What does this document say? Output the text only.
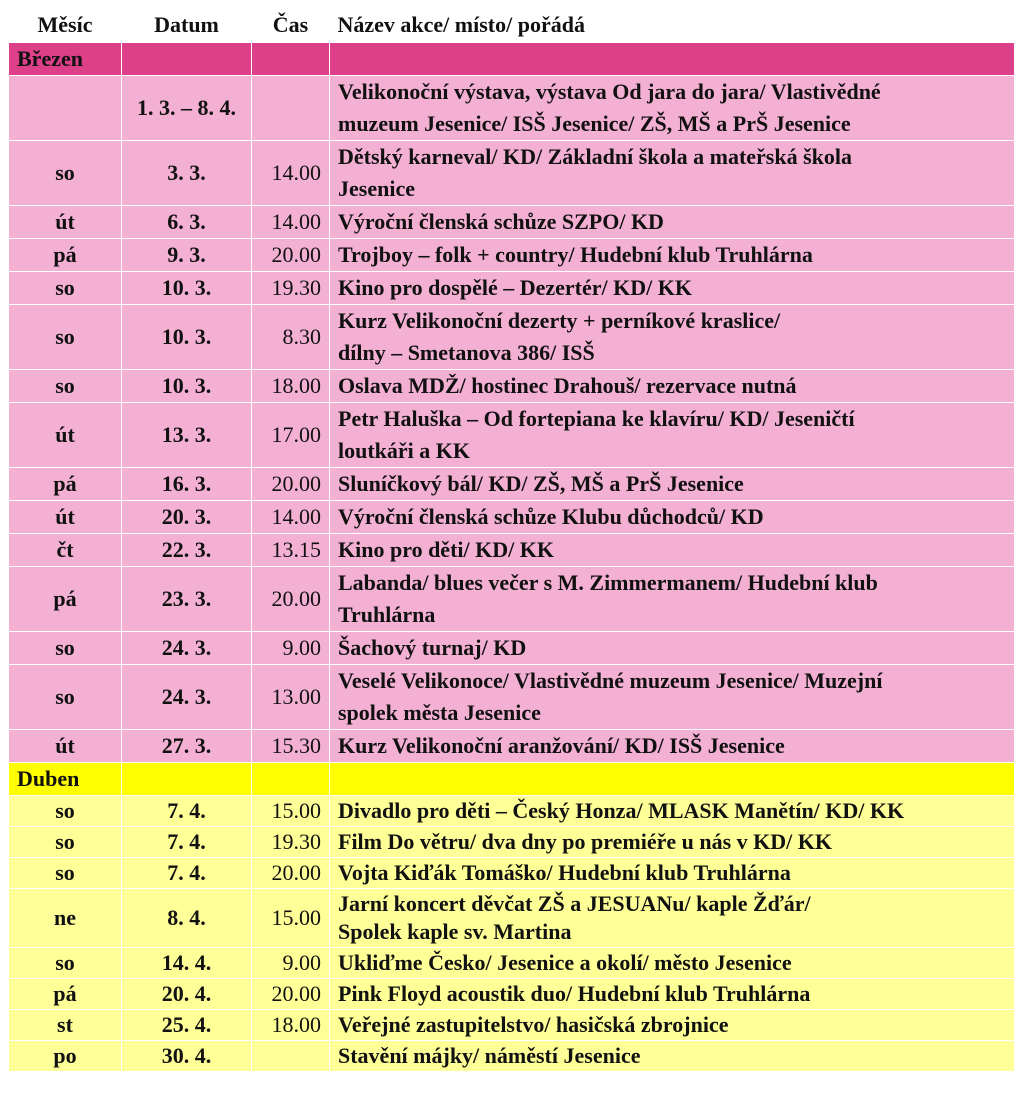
Měsíc	Datum	Čas	Název akce/ místo/ pořádá
Březen			
	1. 3. – 8. 4.		Velikonoční výstava, výstava Od jara do jara/ Vlastivědné
muzeum Jesenice/ ISŠ Jesenice/ ZŠ, MŠ a PrŠ Jesenice

so	3. 3.	14.00	Dětský karneval/ KD/ Základní škola a mateřská škola
Jesenice

út	6. 3.	14.00	Výroční členská schůze SZPO/ KD

pá	9. 3.	20.00	Trojboy – folk + country/ Hudební klub Truhlárna

so	10. 3.	19.30	Kino pro dospělé – Dezertér/ KD/ KK

so	10. 3.	8.30	Kurz Velikonoční dezerty + perníkové kraslice/
dílny – Smetanova 386/ ISŠ

so	10. 3.	18.00	Oslava MDŽ/ hostinec Drahouš/ rezervace nutná

út	13. 3.	17.00	Petr Haluška – Od fortepiana ke klavíru/ KD/ Jeseničtí
loutkáři a KK

pá	16. 3.	20.00	Sluníčkový bál/ KD/ ZŠ, MŠ a PrŠ Jesenice

út	20. 3.	14.00	Výroční členská schůze Klubu důchodců/ KD

čt	22. 3.	13.15	Kino pro děti/ KD/ KK

pá	23. 3.	20.00	Labanda/ blues večer s M. Zimmermanem/ Hudební klub
Truhlárna

so	24. 3.	9.00	Šachový turnaj/ KD

so	24. 3.	13.00	Veselé Velikonoce/ Vlastivědné muzeum Jesenice/ Muzejní
spolek města Jesenice

út	27. 3.	15.30	Kurz Velikonoční aranžování/ KD/ ISŠ Jesenice

Duben			
so	7. 4.	15.00	Divadlo pro děti – Český Honza/ MLASK Manětín/ KD/ KK

so	7. 4.	19.30	Film Do větru/ dva dny po premiéře u nás v KD/ KK

so	7. 4.	20.00	Vojta Kiďák Tomáško/ Hudební klub Truhlárna

ne	8. 4.	15.00	Jarní koncert děvčat ZŠ a JESUANu/ kaple Žďár/
Spolek kaple sv. Martina

so	14. 4.	9.00	Ukliďme Česko/ Jesenice a okolí/ město Jesenice

pá	20. 4.	20.00	Pink Floyd acoustik duo/ Hudební klub Truhlárna

st	25. 4.	18.00	Veřejné zastupitelstvo/ hasičská zbrojnice

po	30. 4.		Stavění májky/ náměstí Jesenice
